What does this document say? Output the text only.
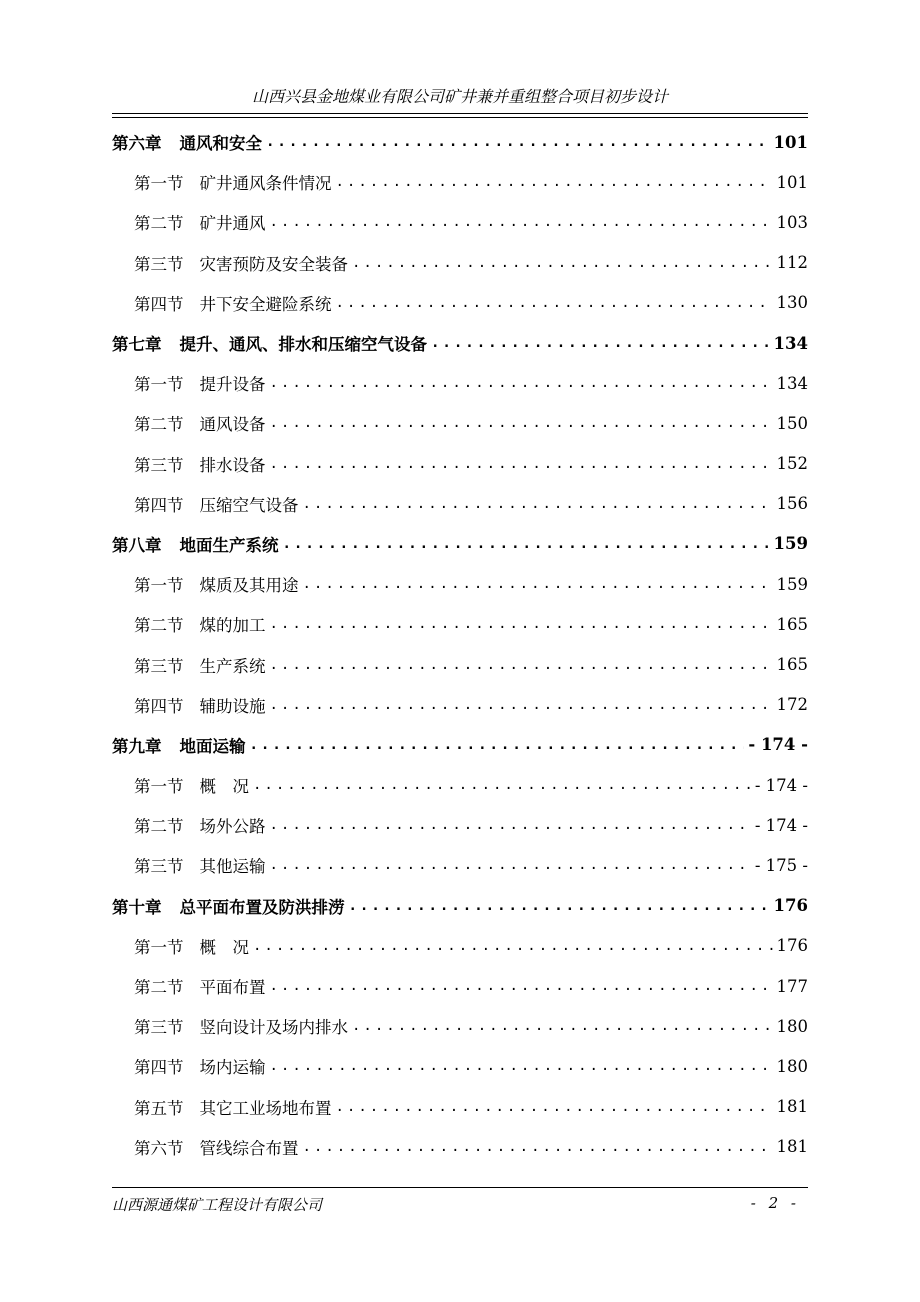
山西兴县金地煤业有限公司矿井兼并重组整合项目初步设计
第六章 通风和安全 .....	101
第一节 矿井通风条件情况 .....	101
第二节 矿井通风 .....	103
第三节 灾害预防及安全装备 .....	112
第四节 井下安全避险系统 .....	130
第七章 提升、通风、排水和压缩空气设备 .....	134
第一节 提升设备 .....	134
第二节 通风设备 .....	150
第三节 排水设备 .....	152
第四节 压缩空气设备 .....	156
第八章 地面生产系统 .....	159
第一节 煤质及其用途 .....	159
第二节 煤的加工 .....	165
第三节 生产系统 .....	165
第四节 辅助设施 .....	172
第九章 地面运输 .....	- 174 -
第一节 概　况 .....	- 174 -
第二节 场外公路 .....	- 174 -
第三节 其他运输 .....	- 175 -
第十章 总平面布置及防洪排涝 .....	176
第一节 概　况 .....	176
第二节 平面布置 .....	177
第三节 竖向设计及场内排水 .....	180
第四节 场内运输 .....	180
第五节 其它工业场地布置 .....	181
第六节 管线综合布置 .....	181
山西源通煤矿工程设计有限公司	- 2 -
